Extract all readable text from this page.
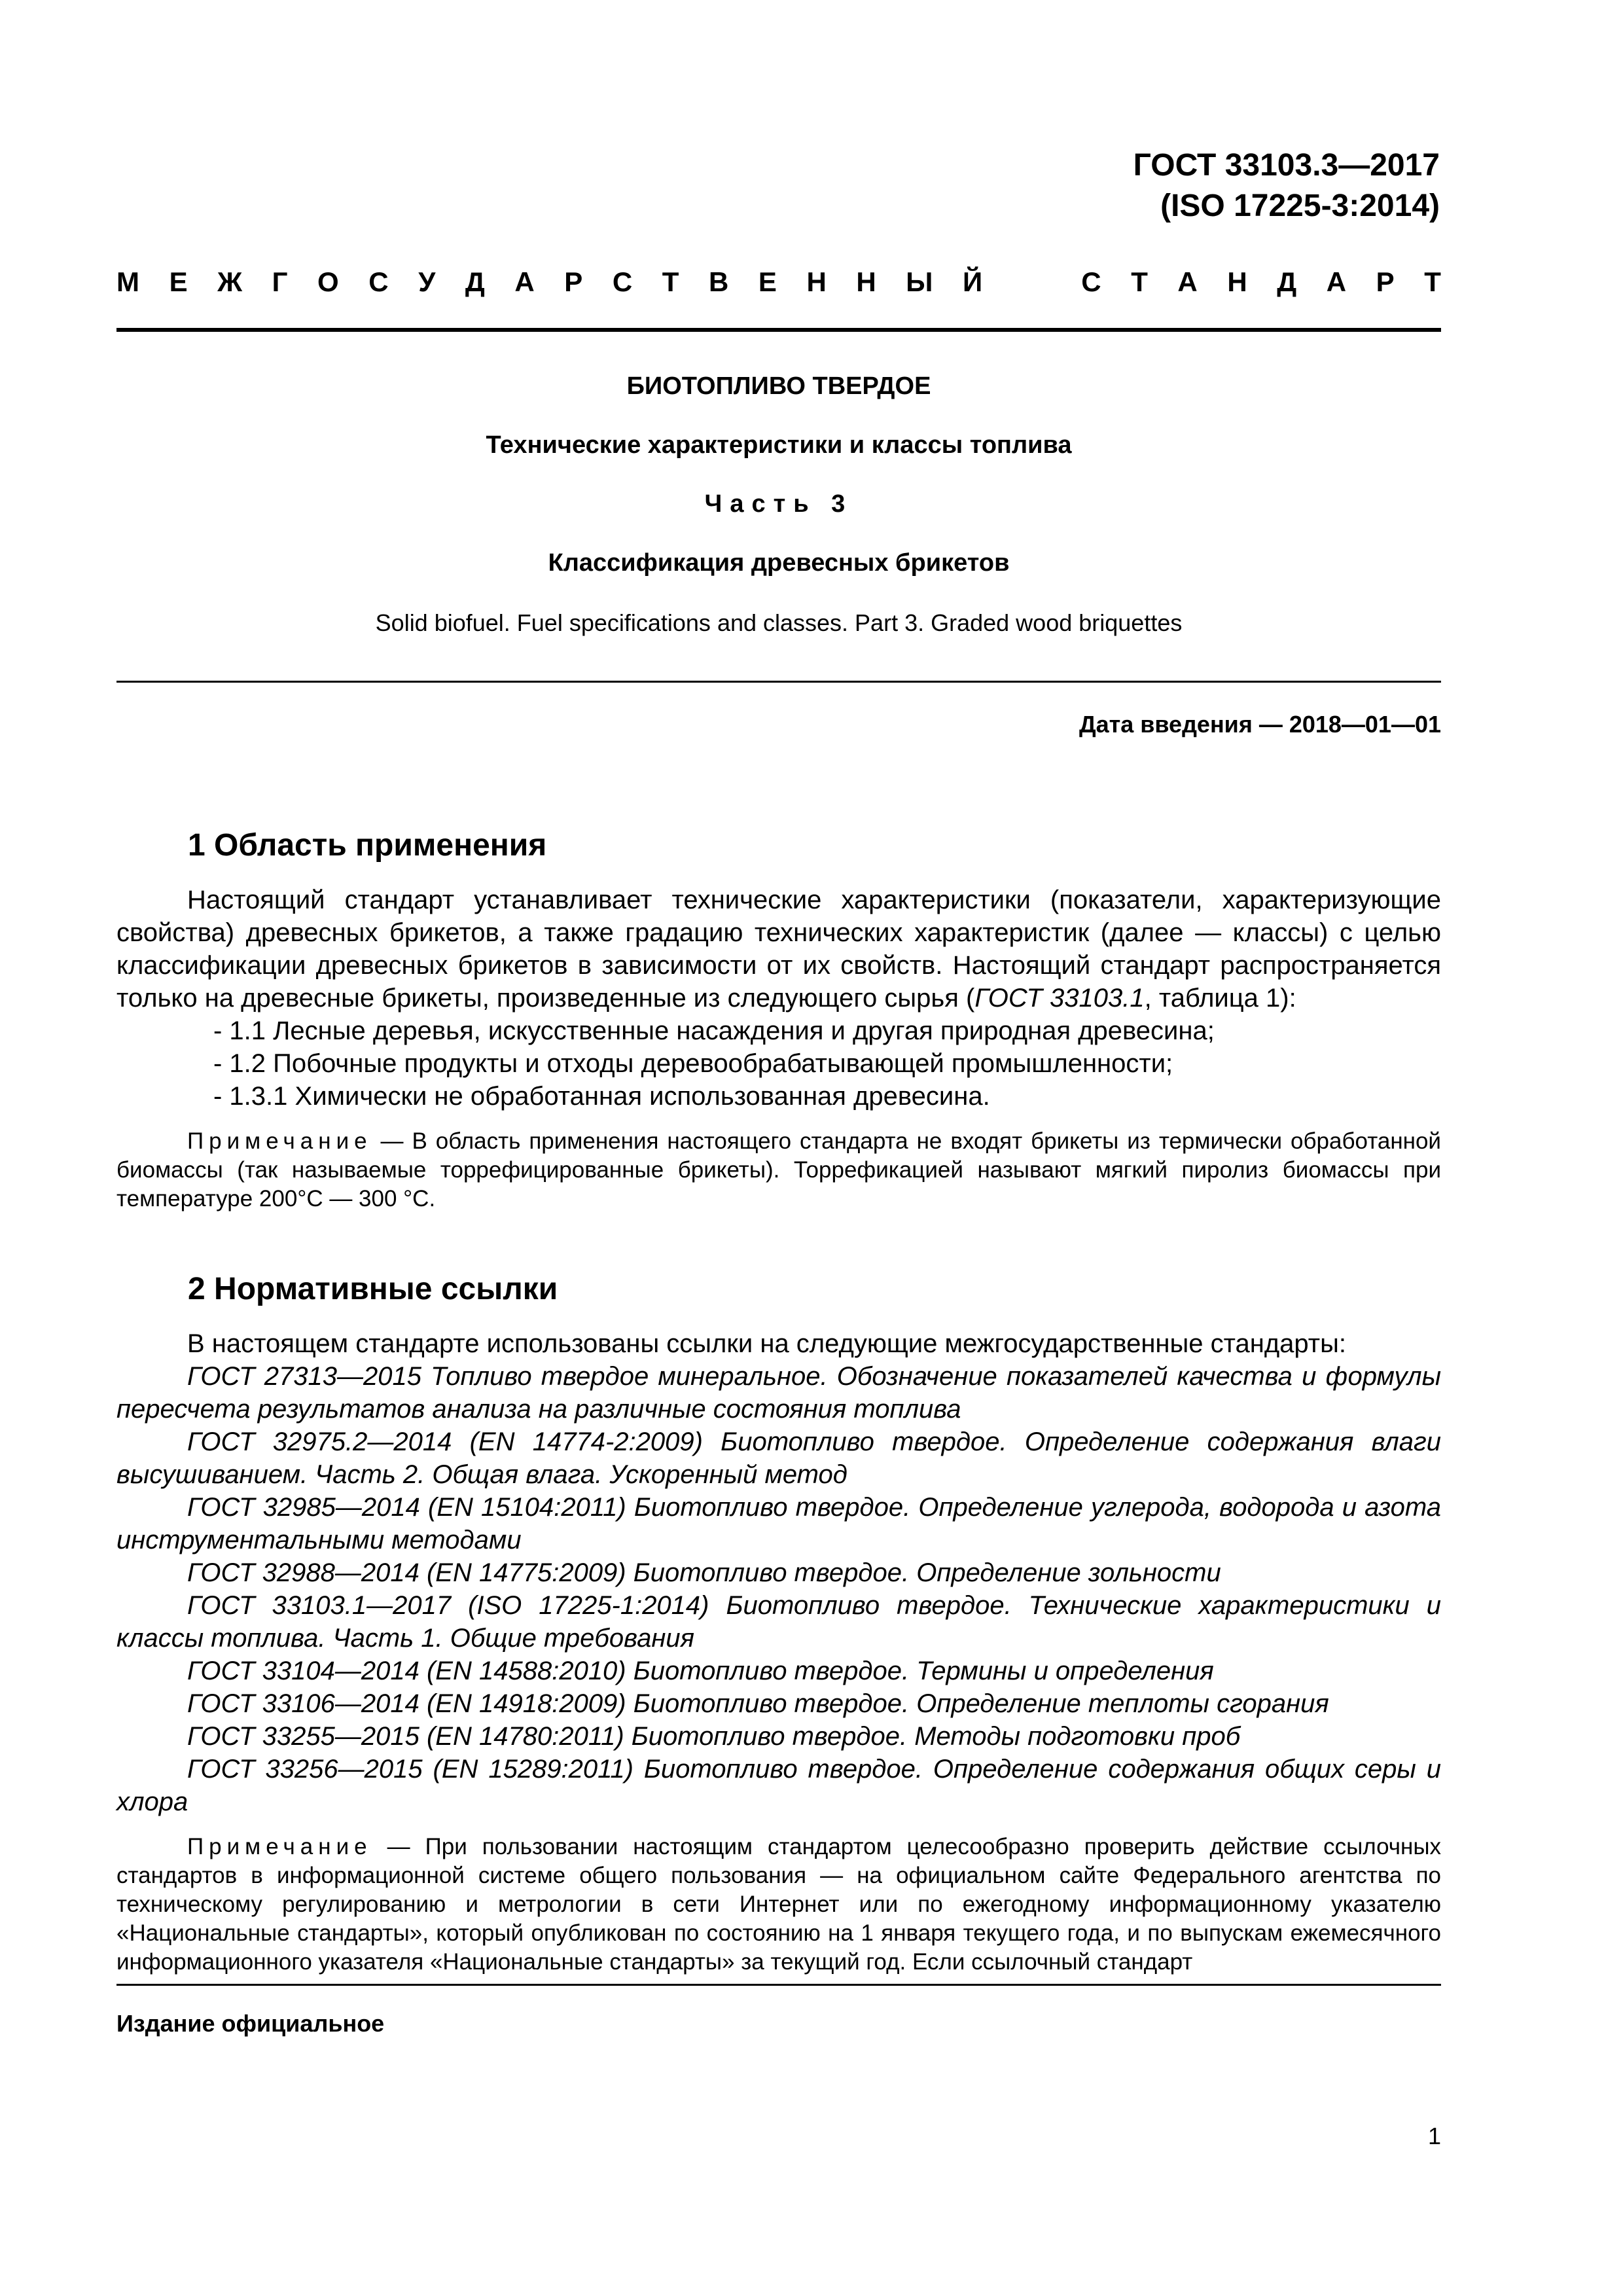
ГОСТ 33103.3—2017
(ISO 17225-3:2014)
М Е Ж Г О С У Д А Р С Т В Е Н Н Ы Й	С Т А Н Д А Р Т
БИОТОПЛИВО ТВЕРДОЕ
Технические характеристики и классы топлива
Часть 3
Классификация древесных брикетов
Solid biofuel. Fuel specifications and classes. Part 3. Graded wood briquettes
Дата введения — 2018—01—01
1 Область применения

Настоящий стандарт устанавливает технические характеристики (показатели, характеризующие свойства) древесных брикетов, а также градацию технических характеристик (далее — классы) с целью классификации древесных брикетов в зависимости от их свойств. Настоящий стандарт распространяется только на древесные брикеты, произведенные из следующего сырья (ГОСТ 33103.1, таблица 1):

- 1.1 Лесные деревья, искусственные насаждения и другая природная древесина;

- 1.2 Побочные продукты и отходы деревообрабатывающей промышленности;

- 1.3.1 Химически не обработанная использованная древесина.

Примечание — В область применения настоящего стандарта не входят брикеты из термически обработанной биомассы (так называемые торрефицированные брикеты). Торрефикацией называют мягкий пиролиз биомассы при температуре 200°С — 300 °С.

2 Нормативные ссылки

В настоящем стандарте использованы ссылки на следующие межгосударственные стандарты:

ГОСТ 27313—2015 Топливо твердое минеральное. Обозначение показателей качества и формулы пересчета результатов анализа на различные состояния топлива

ГОСТ 32975.2—2014 (EN 14774-2:2009) Биотопливо твердое. Определение содержания влаги высушиванием. Часть 2. Общая влага. Ускоренный метод

ГОСТ 32985—2014 (EN 15104:2011) Биотопливо твердое. Определение углерода, водорода и азота инструментальными методами

ГОСТ 32988—2014 (EN 14775:2009) Биотопливо твердое. Определение зольности

ГОСТ 33103.1—2017 (ISO 17225-1:2014) Биотопливо твердое. Технические характеристики и классы топлива. Часть 1. Общие требования

ГОСТ 33104—2014 (EN 14588:2010) Биотопливо твердое. Термины и определения

ГОСТ 33106—2014 (EN 14918:2009) Биотопливо твердое. Определение теплоты сгорания

ГОСТ 33255—2015 (EN 14780:2011) Биотопливо твердое. Методы подготовки проб

ГОСТ 33256—2015 (EN 15289:2011) Биотопливо твердое. Определение содержания общих серы и хлора

Примечание — При пользовании настоящим стандартом целесообразно проверить действие ссылочных стандартов в информационной системе общего пользования — на официальном сайте Федерального агентства по техническому регулированию и метрологии в сети Интернет или по ежегодному информационному указателю «Национальные стандарты», который опубликован по состоянию на 1 января текущего года, и по выпускам ежемесячного информационного указателя «Национальные стандарты» за текущий год. Если ссылочный стандарт

Издание официальное
1
